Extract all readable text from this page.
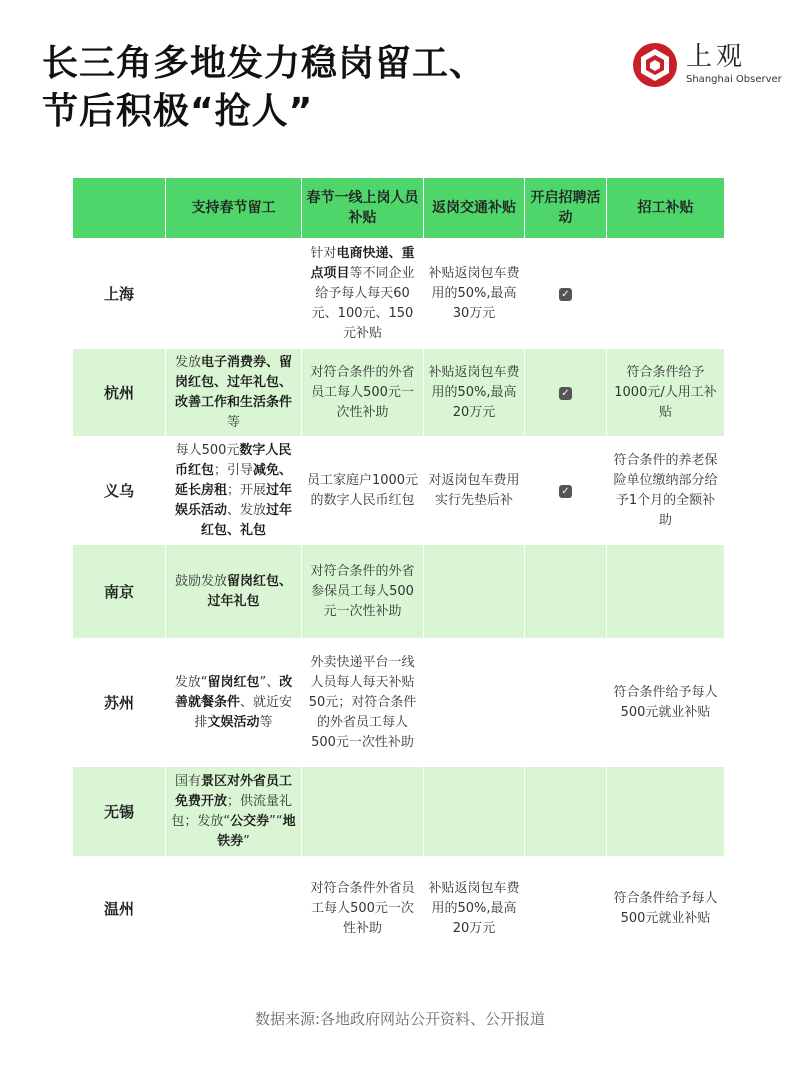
长三角多地发力稳岗留工、
节后积极“抢人”
上观
Shanghai Observer
	支持春节留工	春节一线上岗人员补贴	返岗交通补贴	开启招聘活动	招工补贴
上海		针对电商快递、重点项目等不同企业给予每人每天60元、100元、150元补贴	补贴返岗包车费用的50%,最高30万元	✓	
杭州	发放电子消费券、留岗红包、过年礼包、改善工作和生活条件等	对符合条件的外省员工每人500元一次性补助	补贴返岗包车费用的50%,最高20万元	✓	符合条件给予1000元/人用工补贴
义乌	每人500元数字人民币红包；引导减免、延长房租；开展过年娱乐活动、发放过年红包、礼包	员工家庭户1000元的数字人民币红包	对返岗包车费用实行先垫后补	✓	符合条件的养老保险单位缴纳部分给予1个月的全额补助
南京	鼓励发放留岗红包、过年礼包	对符合条件的外省参保员工每人500元一次性补助			
苏州	发放“留岗红包”、改善就餐条件、就近安排文娱活动等	外卖快递平台一线人员每人每天补贴50元；对符合条件的外省员工每人500元一次性补助			符合条件给予每人500元就业补贴
无锡	国有景区对外省员工免费开放；供流量礼包；发放“公交券”“地铁券”				
温州		对符合条件外省员工每人500元一次性补助	补贴返岗包车费用的50%,最高20万元		符合条件给予每人500元就业补贴
数据来源:各地政府网站公开资料、公开报道
